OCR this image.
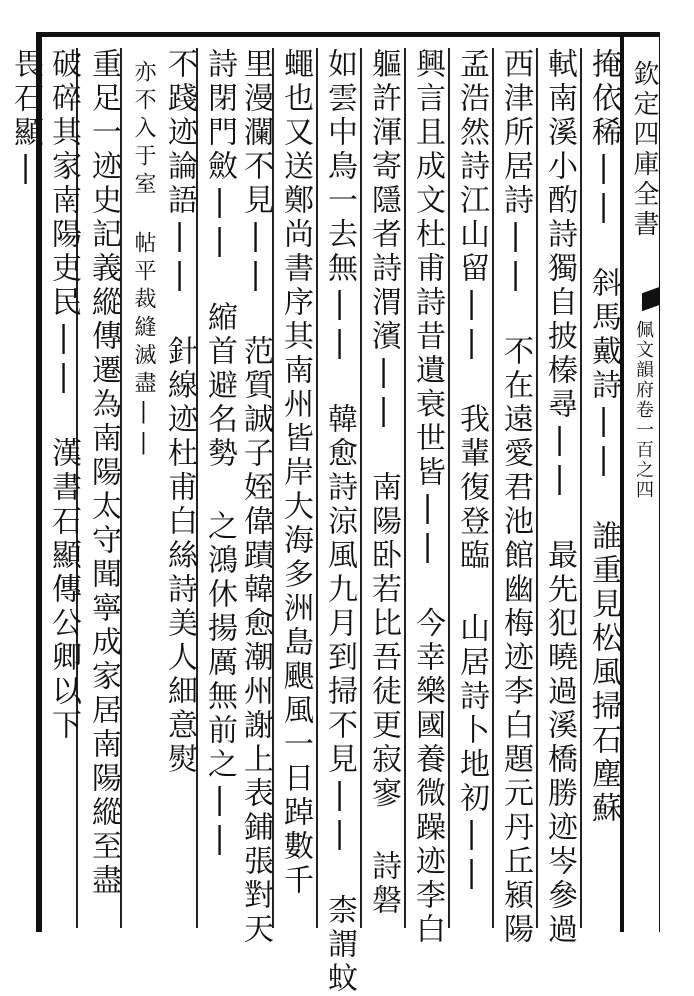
欽定四庫全書
佩文韻府卷一百之四
掩依稀|| 斜馬戴詩|| 誰重見松風掃石塵蘇
軾南溪小酌詩獨自披榛尋|| 最先犯曉過溪橋勝迹岑參過
西津所居詩|| 不在遠愛君池館幽梅迹李白題元丹丘潁陽
孟浩然詩江山留|| 我輩復登臨 山居詩卜地初||
興言且成文杜甫詩昔遺衰世皆|| 今幸樂國養微躁迹李白
軀許渾寄隱者詩渭濱|| 南陽卧若比吾徒更寂寥 詩磐
如雲中鳥一去無|| 韓愈詩涼風九月到掃不見|| 柰謂蚊
蠅也又送鄭尚書序其南州皆岸大海多洲島颶風一日踔數千
里漫瀾不見|| 范質誠子姪偉蹟韓愈潮州謝上表鋪張對天
詩閉門斂|| 縮首避名勢 之鴻休揚厲無前之||
不踐迹論語|| 針線迹杜甫白絲詩美人細意熨
亦不入于室 帖平裁縫滅盡||
重足一迹史記義縱傳遷為南陽太守聞寧成家居南陽縱至盡
破碎其家南陽吏民|| 漢書石顯傳公卿以下
畏石顯|
